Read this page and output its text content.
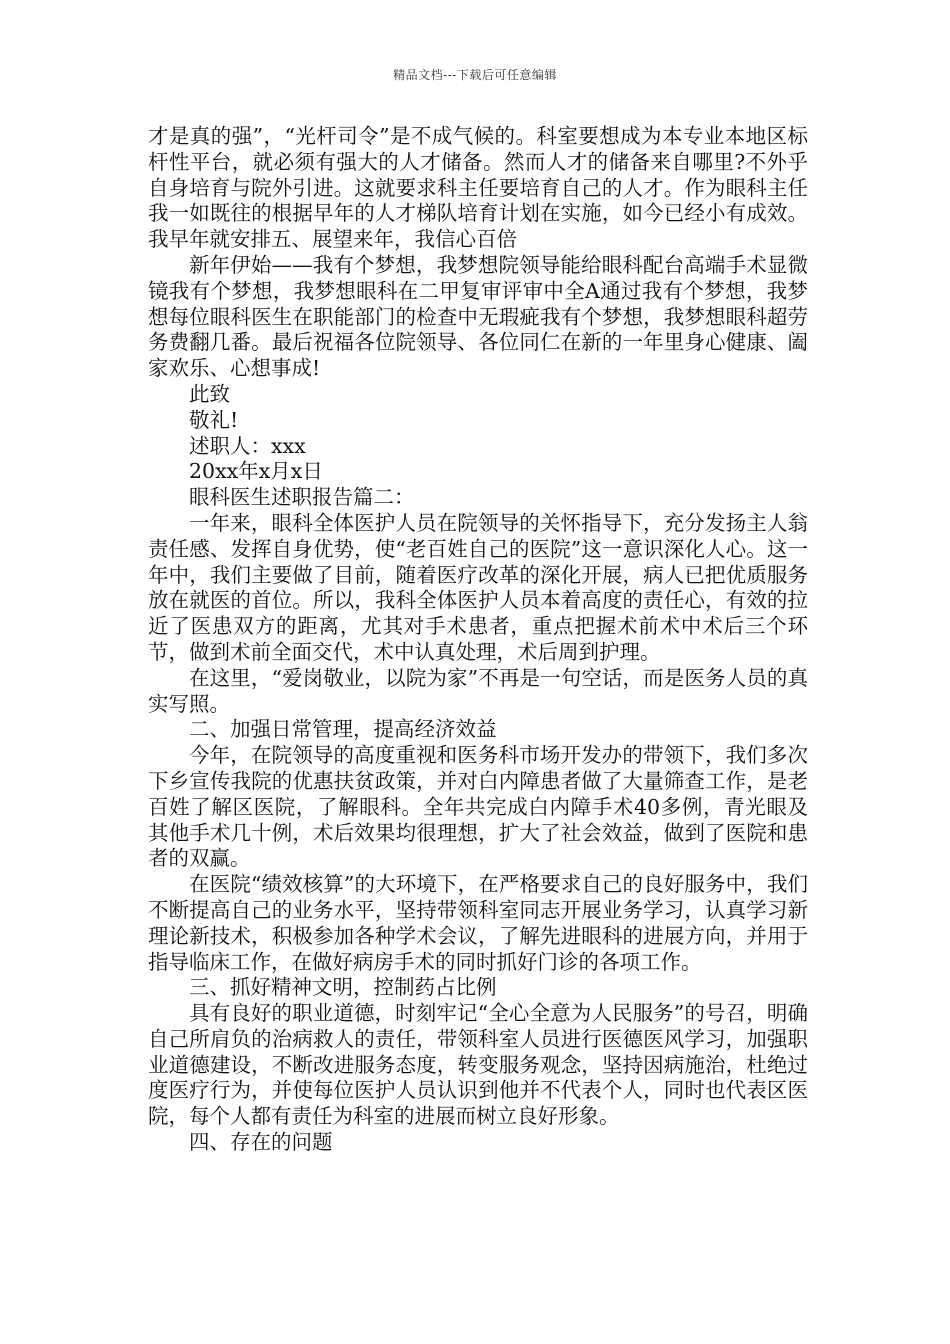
精品文档---下载后可任意编辑

才是真的强”，“光杆司令”是不成气候的。科室要想成为本专业本地区标杆性平台，就必须有强大的人才储备。然而人才的储备来自哪里?不外乎自身培育与院外引进。这就要求科主任要培育自己的人才。作为眼科主任我一如既往的根据早年的人才梯队培育计划在实施，如今已经小有成效。我早年就安排五、展望来年，我信心百倍

新年伊始——我有个梦想，我梦想院领导能给眼科配台高端手术显微镜我有个梦想，我梦想眼科在二甲复审评审中全A通过我有个梦想，我梦想每位眼科医生在职能部门的检查中无瑕疵我有个梦想，我梦想眼科超劳务费翻几番。最后祝福各位院领导、各位同仁在新的一年里身心健康、阖家欢乐、心想事成!

此致

敬礼!

述职人：xxx

20xx年x月x日

眼科医生述职报告篇二：

一年来，眼科全体医护人员在院领导的关怀指导下，充分发扬主人翁责任感、发挥自身优势，使“老百姓自己的医院”这一意识深化人心。这一年中，我们主要做了目前，随着医疗改革的深化开展，病人已把优质服务放在就医的首位。所以，我科全体医护人员本着高度的责任心，有效的拉近了医患双方的距离，尤其对手术患者，重点把握术前术中术后三个环节，做到术前全面交代，术中认真处理，术后周到护理。

在这里，“爱岗敬业，以院为家”不再是一句空话，而是医务人员的真实写照。

二、加强日常管理，提高经济效益

今年，在院领导的高度重视和医务科市场开发办的带领下，我们多次下乡宣传我院的优惠扶贫政策，并对白内障患者做了大量筛查工作，是老百姓了解区医院，了解眼科。全年共完成白内障手术40多例，青光眼及其他手术几十例，术后效果均很理想，扩大了社会效益，做到了医院和患者的双赢。

在医院“绩效核算”的大环境下，在严格要求自己的良好服务中，我们不断提高自己的业务水平，坚持带领科室同志开展业务学习，认真学习新理论新技术，积极参加各种学术会议，了解先进眼科的进展方向，并用于指导临床工作，在做好病房手术的同时抓好门诊的各项工作。

三、抓好精神文明，控制药占比例

具有良好的职业道德，时刻牢记“全心全意为人民服务”的号召，明确自己所肩负的治病救人的责任，带领科室人员进行医德医风学习，加强职业道德建设，不断改进服务态度，转变服务观念，坚持因病施治，杜绝过度医疗行为，并使每位医护人员认识到他并不代表个人，同时也代表区医院，每个人都有责任为科室的进展而树立良好形象。

四、存在的问题
